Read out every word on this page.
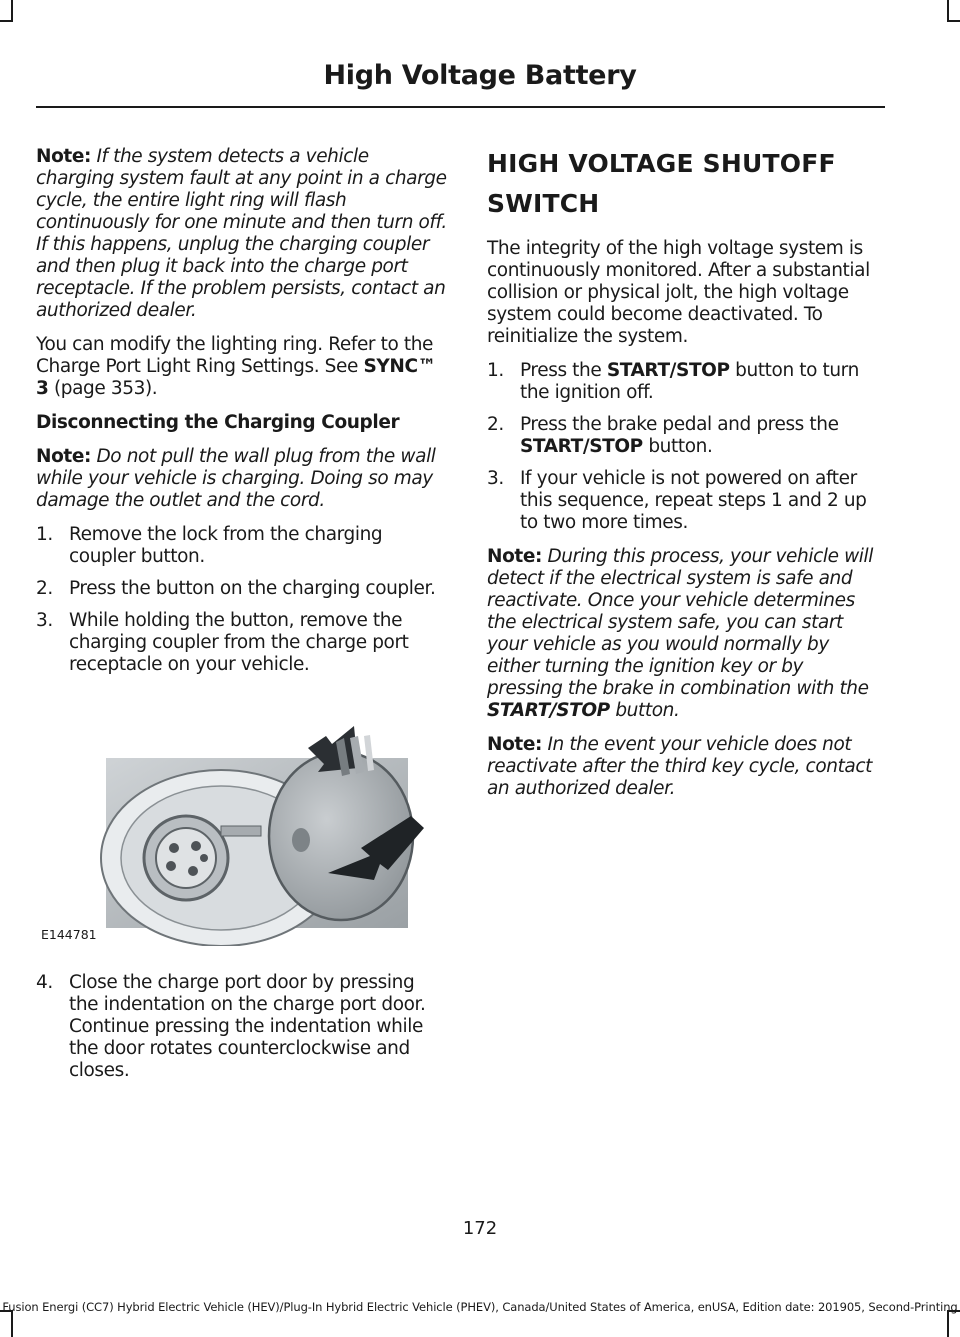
High Voltage Battery

Note: If the system detects a vehicle charging system fault at any point in a charge cycle, the entire light ring will flash continuously for one minute and then turn off. If this happens, unplug the charging coupler and then plug it back into the charge port receptacle. If the problem persists, contact an authorized dealer.

You can modify the lighting ring. Refer to the Charge Port Light Ring Settings. See SYNC™ 3 (page 353).

Disconnecting the Charging Coupler

Note: Do not pull the wall plug from the wall while your vehicle is charging. Doing so may damage the outlet and the cord.

1. Remove the lock from the charging coupler button.
2. Press the button on the charging coupler.
3. While holding the button, remove the charging coupler from the charge port receptacle on your vehicle.
E144781
4. Close the charge port door by pressing the indentation on the charge port door. Continue pressing the indentation while the door rotates counterclockwise and closes.
HIGH VOLTAGE SHUTOFF
SWITCH

The integrity of the high voltage system is continuously monitored. After a substantial collision or physical jolt, the high voltage system could become deactivated. To reinitialize the system.

1. Press the START/STOP button to turn the ignition off.
2. Press the brake pedal and press the START/STOP button.
3. If your vehicle is not powered on after this sequence, repeat steps 1 and 2 up to two more times.

Note: During this process, your vehicle will detect if the electrical system is safe and reactivate. Once your vehicle determines the electrical system safe, you can start your vehicle as you would normally by either turning the ignition key or by pressing the brake in combination with the START/STOP button.

Note: In the event your vehicle does not reactivate after the third key cycle, contact an authorized dealer.

172
Fusion Energi (CC7) Hybrid Electric Vehicle (HEV)/Plug-In Hybrid Electric Vehicle (PHEV), Canada/United States of America, enUSA, Edition date: 201905, Second-Printing
